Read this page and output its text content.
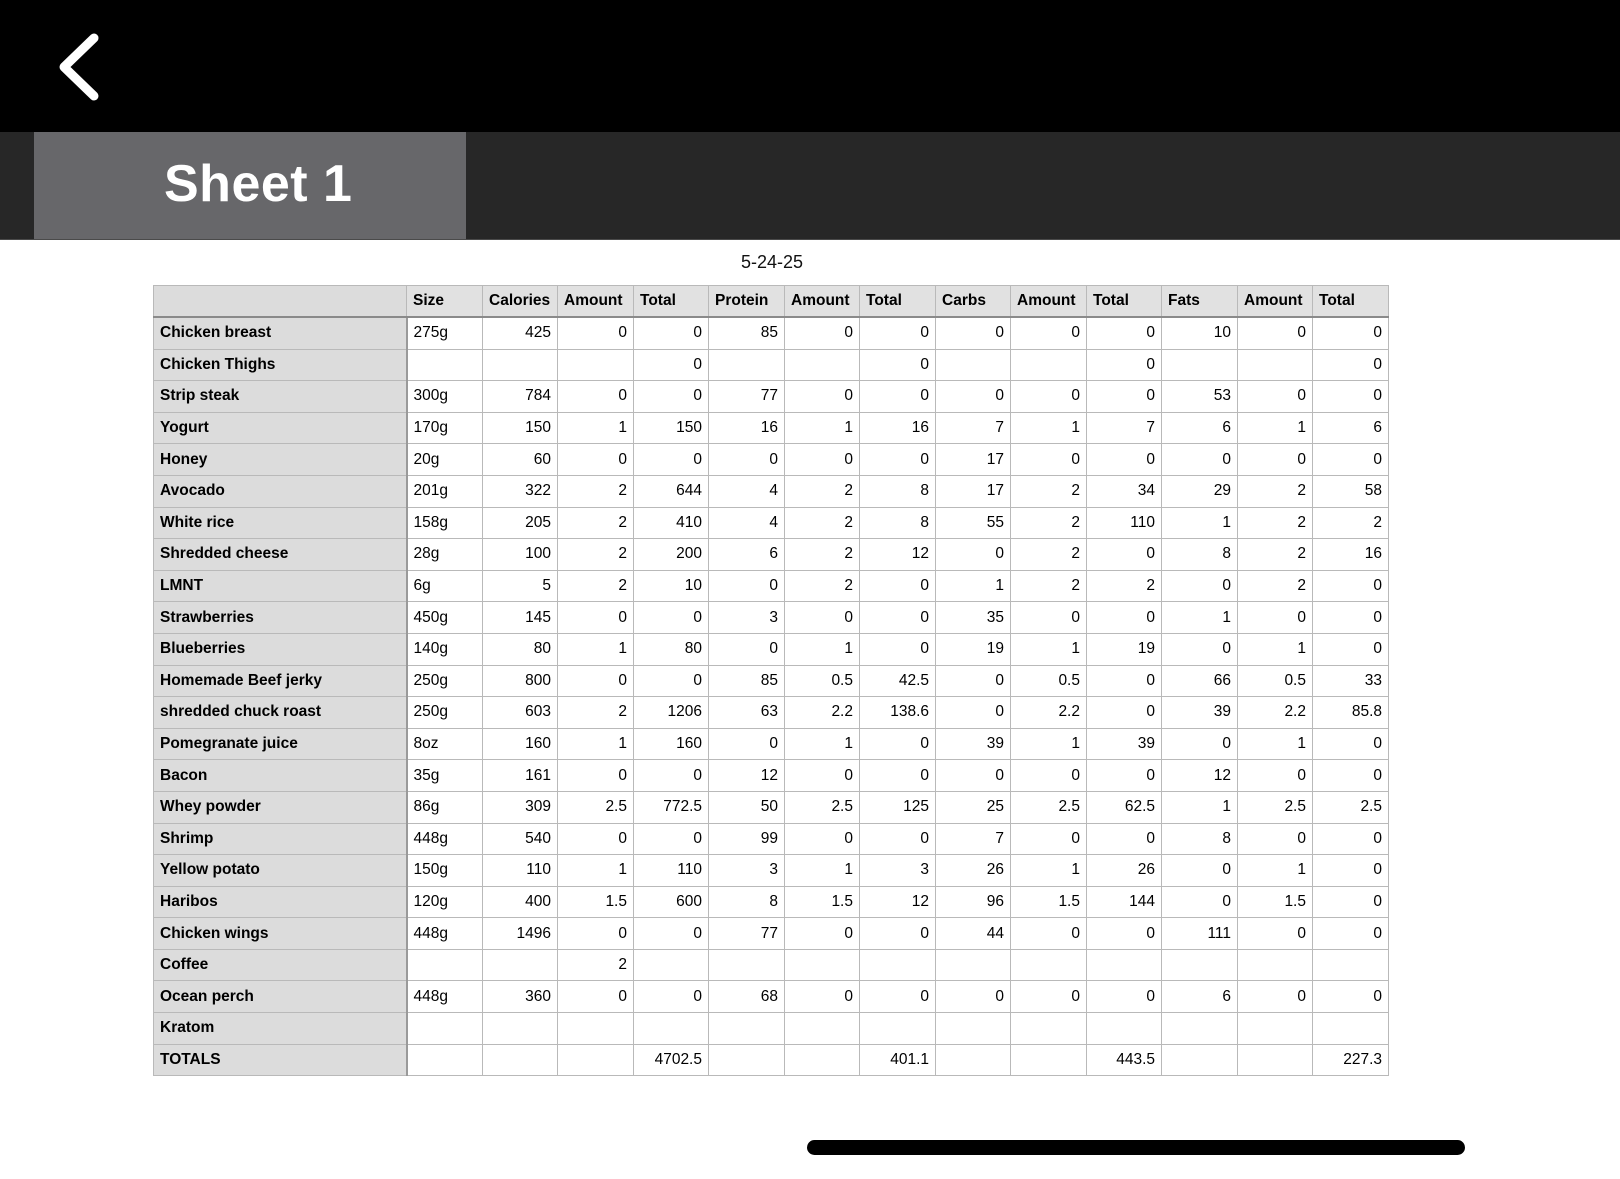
Sheet 1
5-24-25
	Size	Calories	Amount	Total	Protein	Amount	Total	Carbs	Amount	Total	Fats	Amount	Total
Chicken breast	275g	425	0	0	85	0	0	0	0	0	10	0	0
Chicken Thighs				0			0			0			0
Strip steak	300g	784	0	0	77	0	0	0	0	0	53	0	0
Yogurt	170g	150	1	150	16	1	16	7	1	7	6	1	6
Honey	20g	60	0	0	0	0	0	17	0	0	0	0	0
Avocado	201g	322	2	644	4	2	8	17	2	34	29	2	58
White rice	158g	205	2	410	4	2	8	55	2	110	1	2	2
Shredded cheese	28g	100	2	200	6	2	12	0	2	0	8	2	16
LMNT	6g	5	2	10	0	2	0	1	2	2	0	2	0
Strawberries	450g	145	0	0	3	0	0	35	0	0	1	0	0
Blueberries	140g	80	1	80	0	1	0	19	1	19	0	1	0
Homemade Beef jerky	250g	800	0	0	85	0.5	42.5	0	0.5	0	66	0.5	33
shredded chuck roast	250g	603	2	1206	63	2.2	138.6	0	2.2	0	39	2.2	85.8
Pomegranate juice	8oz	160	1	160	0	1	0	39	1	39	0	1	0
Bacon	35g	161	0	0	12	0	0	0	0	0	12	0	0
Whey powder	86g	309	2.5	772.5	50	2.5	125	25	2.5	62.5	1	2.5	2.5
Shrimp	448g	540	0	0	99	0	0	7	0	0	8	0	0
Yellow potato	150g	110	1	110	3	1	3	26	1	26	0	1	0
Haribos	120g	400	1.5	600	8	1.5	12	96	1.5	144	0	1.5	0
Chicken wings	448g	1496	0	0	77	0	0	44	0	0	111	0	0
Coffee			2										
Ocean perch	448g	360	0	0	68	0	0	0	0	0	6	0	0
Kratom													
TOTALS				4702.5			401.1			443.5			227.3
